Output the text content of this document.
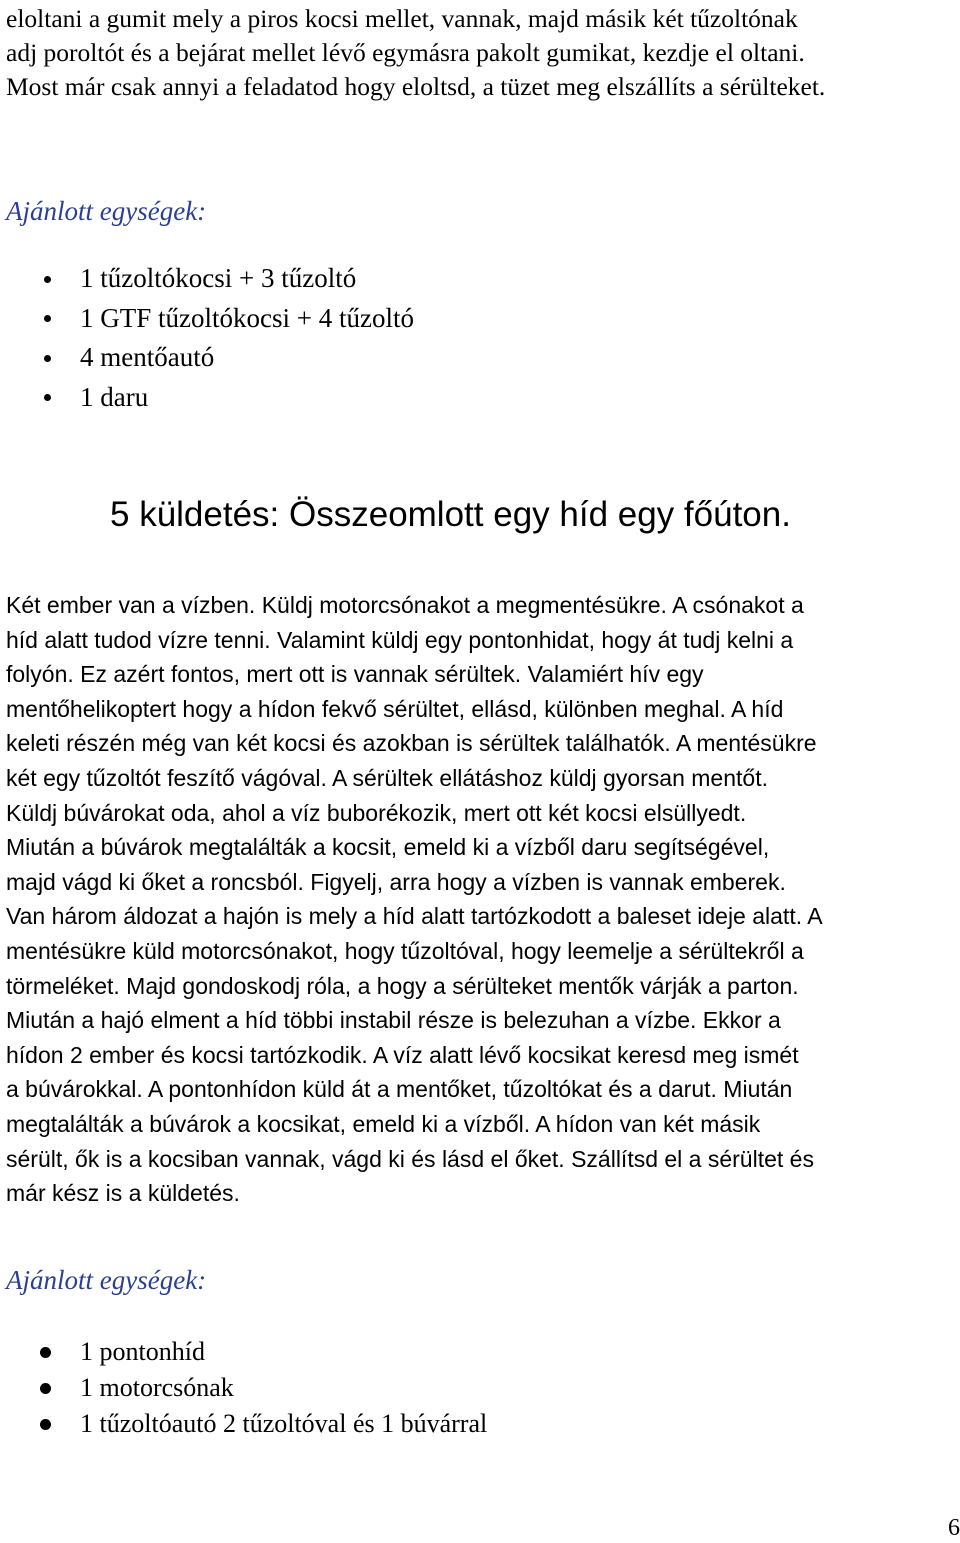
eloltani a gumit mely a piros kocsi mellet, vannak, majd másik két tűzoltónak
adj poroltót és a bejárat mellet lévő egymásra pakolt gumikat, kezdje el oltani.
Most már csak annyi a feladatod hogy eloltsd, a tüzet meg elszállíts a sérülteket.

Ajánlott egységek:

1 tűzoltókocsi + 3 tűzoltó
1 GTF tűzoltókocsi + 4 tűzoltó
4 mentőautó
1 daru
5 küldetés: Összeomlott egy híd egy főúton.
Két ember van a vízben. Küldj motorcsónakot a megmentésükre. A csónakot a
híd alatt tudod vízre tenni. Valamint küldj egy pontonhidat, hogy át tudj kelni a
folyón. Ez azért fontos, mert ott is vannak sérültek. Valamiért hív egy
mentőhelikoptert hogy a hídon fekvő sérültet, ellásd, különben meghal. A híd
keleti részén még van két kocsi és azokban is sérültek találhatók. A mentésükre
két egy tűzoltót feszítő vágóval. A sérültek ellátáshoz küldj gyorsan mentőt.
Küldj búvárokat oda, ahol a víz buborékozik, mert ott két kocsi elsüllyedt.
Miután a búvárok megtalálták a kocsit, emeld ki a vízből daru segítségével,
majd vágd ki őket a roncsból. Figyelj, arra hogy a vízben is vannak emberek.
Van három áldozat a hajón is mely a híd alatt tartózkodott a baleset ideje alatt. A
mentésükre küld motorcsónakot, hogy tűzoltóval, hogy leemelje a sérültekről a
törmeléket. Majd gondoskodj róla, a hogy a sérülteket mentők várják a parton.
Miután a hajó elment a híd többi instabil része is belezuhan a vízbe. Ekkor a
hídon 2 ember és kocsi tartózkodik. A víz alatt lévő kocsikat keresd meg ismét
a búvárokkal. A pontonhídon küld át a mentőket, tűzoltókat és a darut. Miután
megtalálták a búvárok a kocsikat, emeld ki a vízből. A hídon van két másik
sérült, ők is a kocsiban vannak, vágd ki és lásd el őket. Szállítsd el a sérültet és
már kész is a küldetés.

Ajánlott egységek:

1 pontonhíd
1 motorcsónak
1 tűzoltóautó 2 tűzoltóval és 1 búvárral
6
